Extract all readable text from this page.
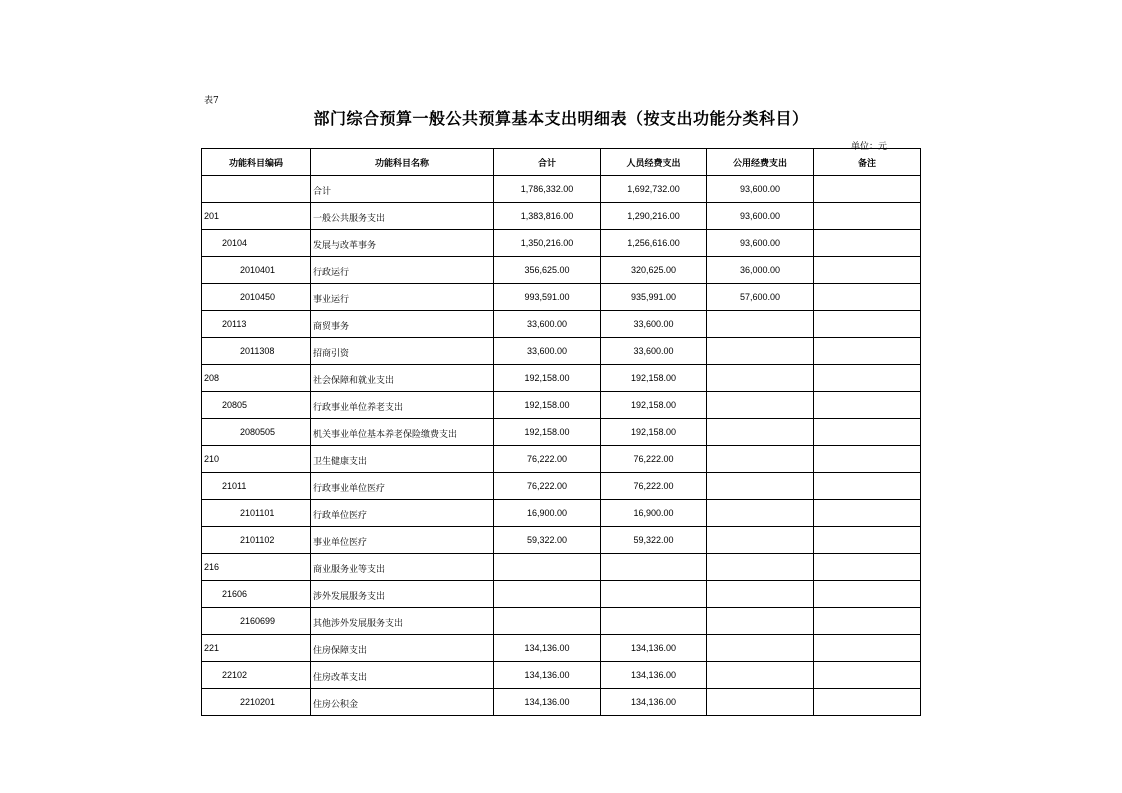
表7
部门综合预算一般公共预算基本支出明细表（按支出功能分类科目）
单位：元
功能科目编码	功能科目名称	合计	人员经费支出	公用经费支出	备注
	合计	1,786,332.00	1,692,732.00	93,600.00	
201	一般公共服务支出	1,383,816.00	1,290,216.00	93,600.00	
20104	发展与改革事务	1,350,216.00	1,256,616.00	93,600.00	
2010401	行政运行	356,625.00	320,625.00	36,000.00	
2010450	事业运行	993,591.00	935,991.00	57,600.00	
20113	商贸事务	33,600.00	33,600.00		
2011308	招商引资	33,600.00	33,600.00		
208	社会保障和就业支出	192,158.00	192,158.00		
20805	行政事业单位养老支出	192,158.00	192,158.00		
2080505	机关事业单位基本养老保险缴费支出	192,158.00	192,158.00		
210	卫生健康支出	76,222.00	76,222.00		
21011	行政事业单位医疗	76,222.00	76,222.00		
2101101	行政单位医疗	16,900.00	16,900.00		
2101102	事业单位医疗	59,322.00	59,322.00		
216	商业服务业等支出				
21606	涉外发展服务支出				
2160699	其他涉外发展服务支出				
221	住房保障支出	134,136.00	134,136.00		
22102	住房改革支出	134,136.00	134,136.00		
2210201	住房公积金	134,136.00	134,136.00		
